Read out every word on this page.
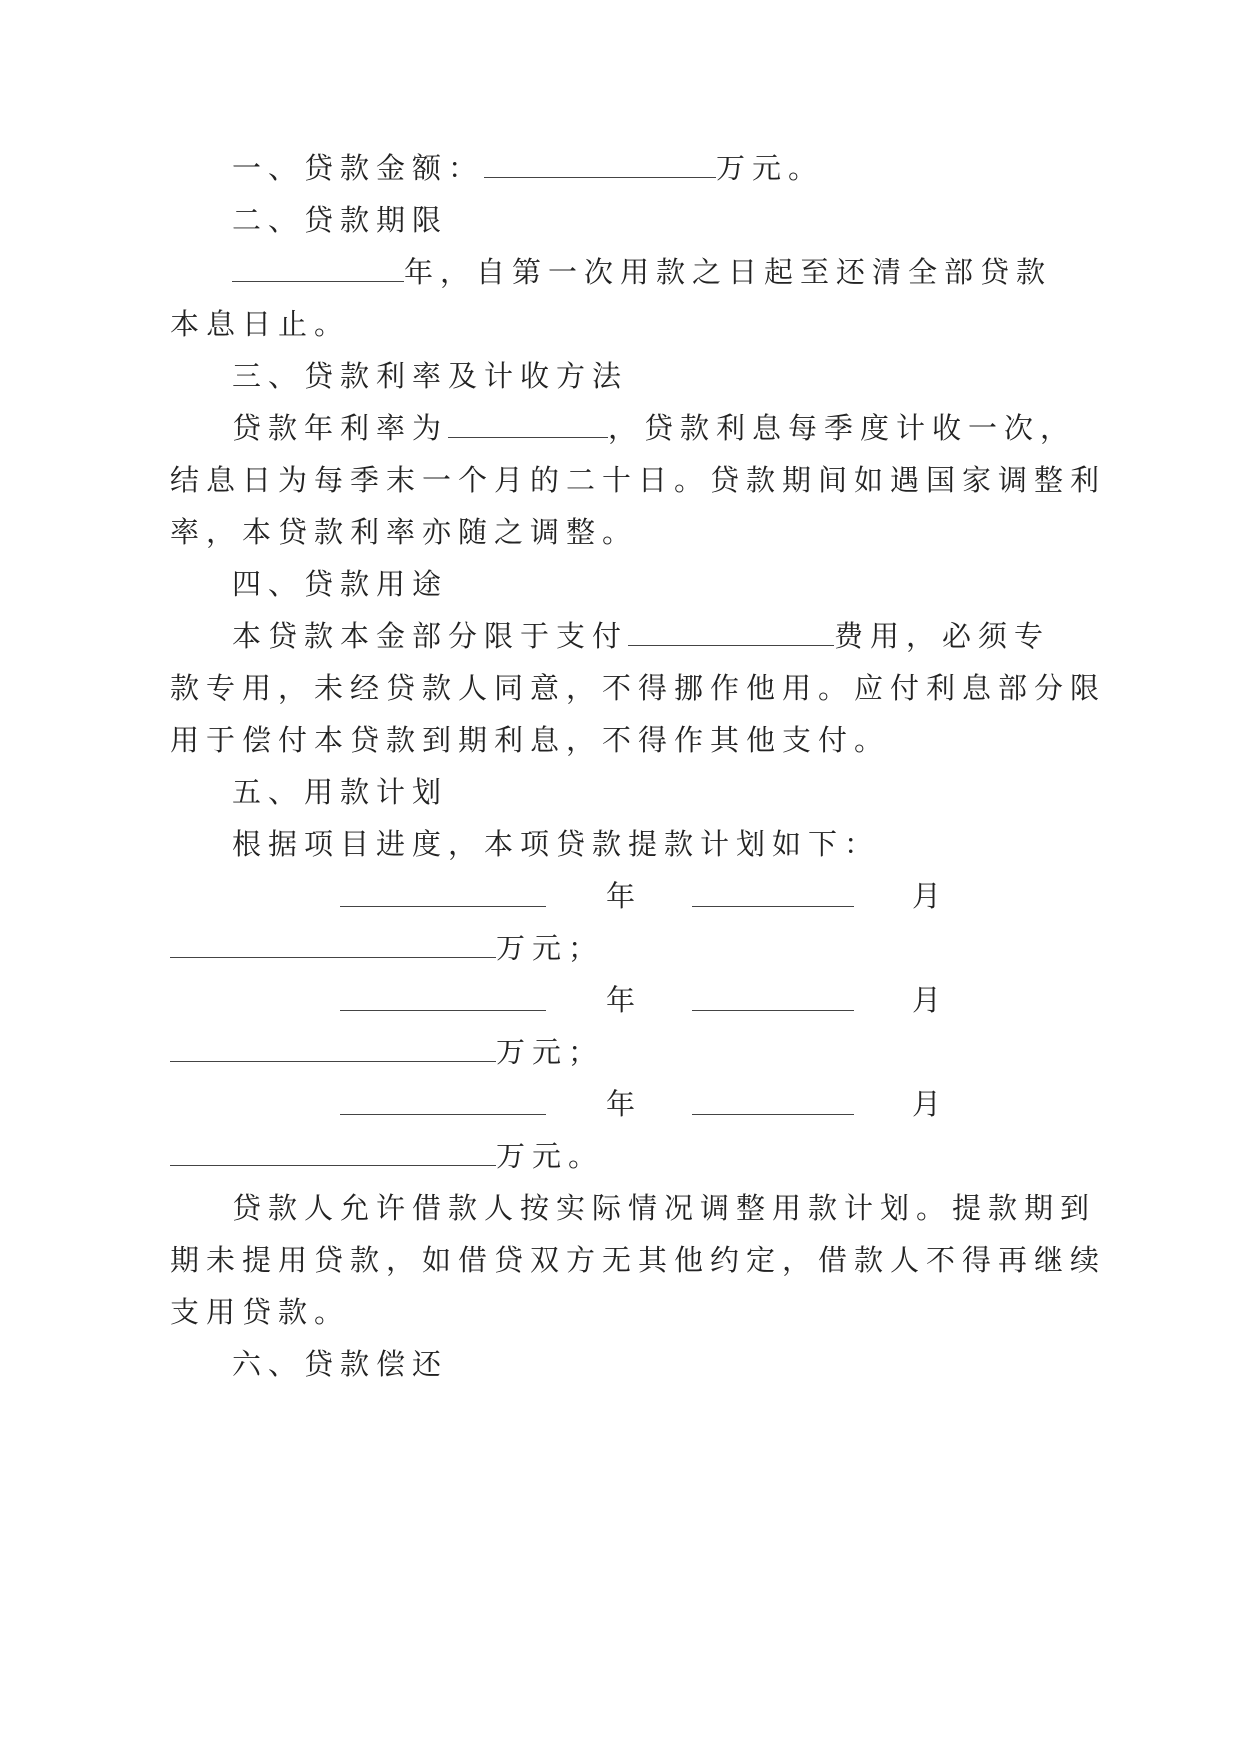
一、贷款金额：	万元。

二、贷款期限

年，自第一次用款之日起至还清全部贷款

本息日止。

三、贷款利率及计收方法

贷款年利率为	，贷款利息每季度计收一次，

结息日为每季末一个月的二十日。贷款期间如遇国家调整利

率，本贷款利率亦随之调整。

四、贷款用途

本贷款本金部分限于支付	费用，必须专

款专用，未经贷款人同意，不得挪作他用。应付利息部分限

用于偿付本贷款到期利息，不得作其他支付。

五、用款计划

根据项目进度，本项贷款提款计划如下：

年	月

万元；

年	月

万元；

年	月

万元。

贷款人允许借款人按实际情况调整用款计划。提款期到

期未提用贷款，如借贷双方无其他约定，借款人不得再继续

支用贷款。

六、贷款偿还
